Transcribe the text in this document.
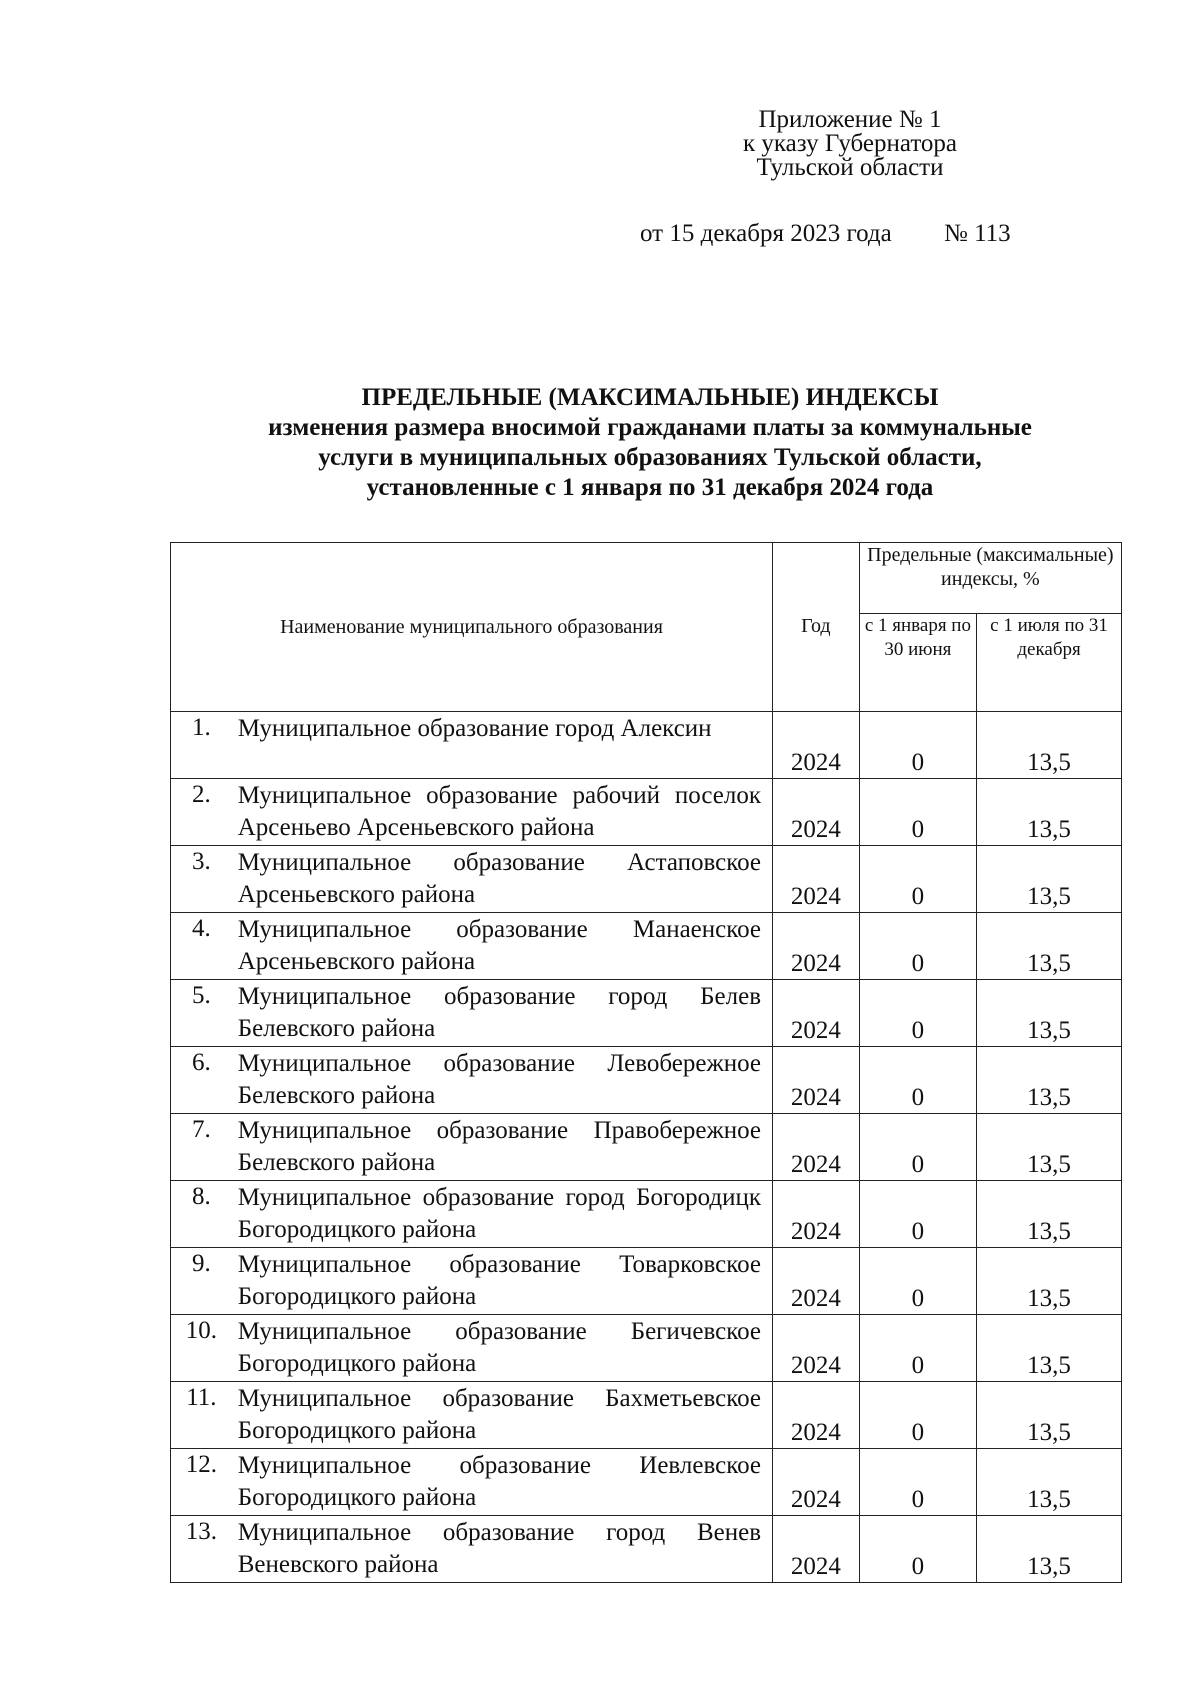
Приложение № 1
к указу Губернатора
Тульской области
от 15 декабря 2023 года № 113
ПРЕДЕЛЬНЫЕ (МАКСИМАЛЬНЫЕ) ИНДЕКСЫ
изменения размера вносимой гражданами платы за коммунальные
услуги в муниципальных образованиях Тульской области,
установленные с 1 января по 31 декабря 2024 года
Наименование муниципального образования		Год	Предельные (максимальные) индексы, %	
			с 1 января по 30 июня	с 1 июля по 31 декабря
1.	Муниципальное образование город Алексин	2024	0	13,5
2.	Муниципальное образование рабочий поселок Арсеньево Арсеньевского района	2024	0	13,5
3.	Муниципальное образование Астаповское Арсеньевского района	2024	0	13,5
4.	Муниципальное образование Манаенское Арсеньевского района	2024	0	13,5
5.	Муниципальное образование город Белев Белевского района	2024	0	13,5
6.	Муниципальное образование Левобережное Белевского района	2024	0	13,5
7.	Муниципальное образование Правобережное Белевского района	2024	0	13,5
8.	Муниципальное образование город Богородицк Богородицкого района	2024	0	13,5
9.	Муниципальное образование Товарковское Богородицкого района	2024	0	13,5
10.	Муниципальное образование Бегичевское Богородицкого района	2024	0	13,5
11.	Муниципальное образование Бахметьевское Богородицкого района	2024	0	13,5
12.	Муниципальное образование Иевлевское Богородицкого района	2024	0	13,5
13.	Муниципальное образование город Венев Веневского района	2024	0	13,5
